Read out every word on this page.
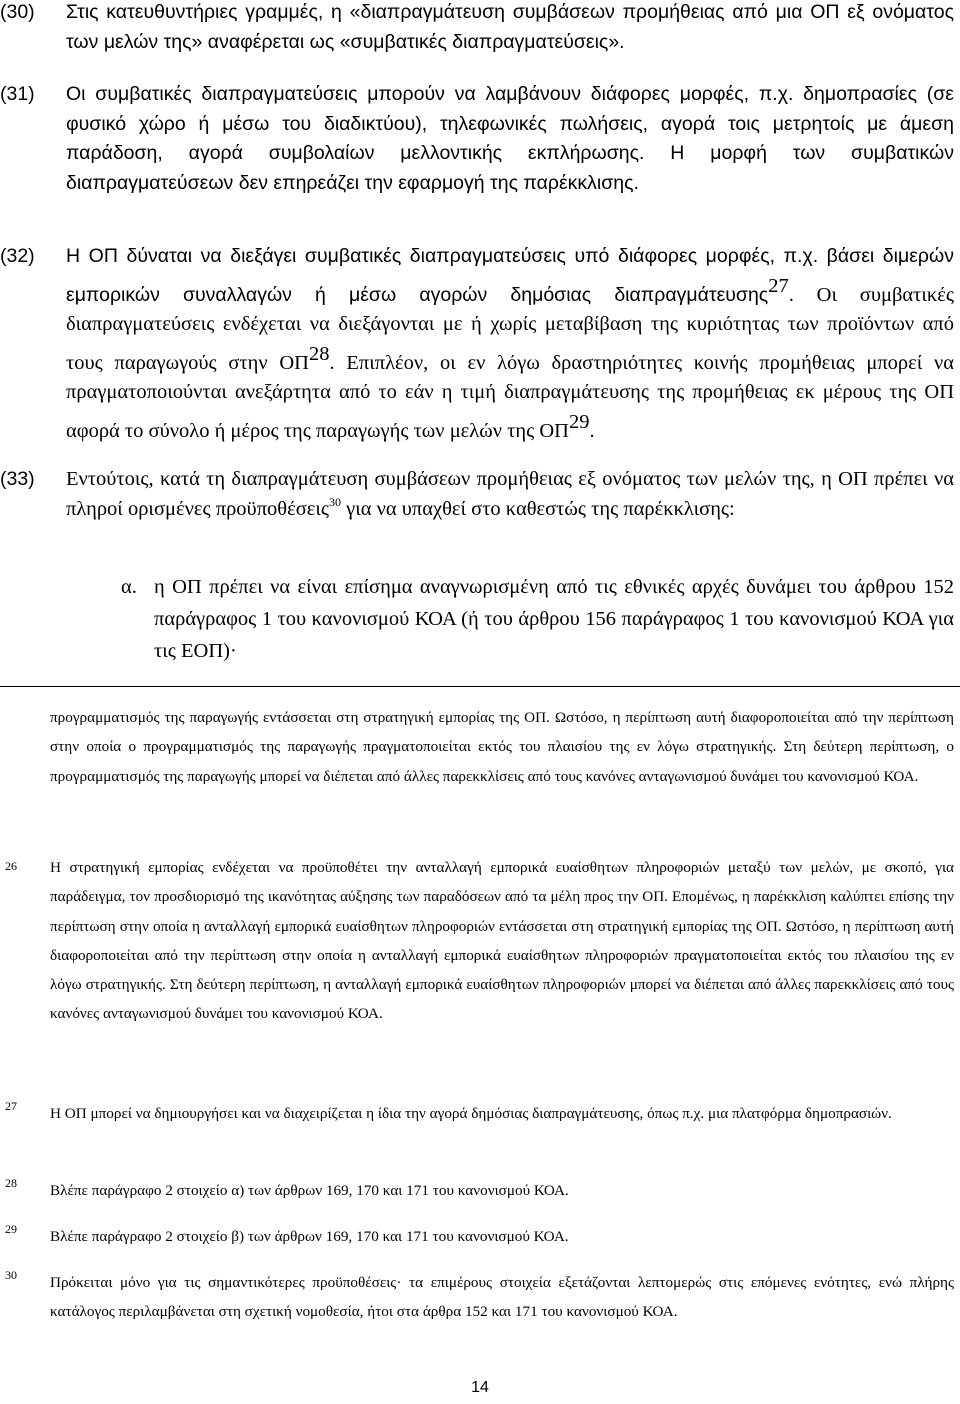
(30) Στις κατευθυντήριες γραμμές, η «διαπραγμάτευση συμβάσεων προμήθειας από μια ΟΠ εξ ονόματος των μελών της» αναφέρεται ως «συμβατικές διαπραγματεύσεις».
(31) Οι συμβατικές διαπραγματεύσεις μπορούν να λαμβάνουν διάφορες μορφές, π.χ. δημοπρασίες (σε φυσικό χώρο ή μέσω του διαδικτύου), τηλεφωνικές πωλήσεις, αγορά τοις μετρητοίς με άμεση παράδοση, αγορά συμβολαίων μελλοντικής εκπλήρωσης. Η μορφή των συμβατικών διαπραγματεύσεων δεν επηρεάζει την εφαρμογή της παρέκκλισης.
(32) Η ΟΠ δύναται να διεξάγει συμβατικές διαπραγματεύσεις υπό διάφορες μορφές, π.χ. βάσει διμερών εμπορικών συναλλαγών ή μέσω αγορών δημόσιας διαπραγμάτευσης$^{27}$. Οι συμβατικές διαπραγματεύσεις ενδέχεται να διεξάγονται με ή χωρίς μεταβίβαση της κυριότητας των προϊόντων από τους παραγωγούς στην ΟΠ$^{28}$. Επιπλέον, οι εν λόγω δραστηριότητες κοινής προμήθειας μπορεί να πραγματοποιούνται ανεξάρτητα από το εάν η τιμή διαπραγμάτευσης της προμήθειας εκ μέρους της ΟΠ αφορά το σύνολο ή μέρος της παραγωγής των μελών της ΟΠ$^{29}$.
(33) Εντούτοις, κατά τη διαπραγμάτευση συμβάσεων προμήθειας εξ ονόματος των μελών της, η ΟΠ πρέπει να πληροί ορισμένες προϋποθέσεις$^{30}$ για να υπαχθεί στο καθεστώς της παρέκκλισης:
α. η ΟΠ πρέπει να είναι επίσημα αναγνωρισμένη από τις εθνικές αρχές δυνάμει του άρθρου 152 παράγραφος 1 του κανονισμού ΚΟΑ (ή του άρθρου 156 παράγραφος 1 του κανονισμού ΚΟΑ για τις ΕΟΠ)·
προγραμματισμός της παραγωγής εντάσσεται στη στρατηγική εμπορίας της ΟΠ. Ωστόσο, η περίπτωση αυτή διαφοροποιείται από την περίπτωση στην οποία ο προγραμματισμός της παραγωγής πραγματοποιείται εκτός του πλαισίου της εν λόγω στρατηγικής. Στη δεύτερη περίπτωση, ο προγραμματισμός της παραγωγής μπορεί να διέπεται από άλλες παρεκκλίσεις από τους κανόνες ανταγωνισμού δυνάμει του κανονισμού ΚΟΑ.
26 Η στρατηγική εμπορίας ενδέχεται να προϋποθέτει την ανταλλαγή εμπορικά ευαίσθητων πληροφοριών μεταξύ των μελών, με σκοπό, για παράδειγμα, τον προσδιορισμό της ικανότητας αύξησης των παραδόσεων από τα μέλη προς την ΟΠ. Επομένως, η παρέκκλιση καλύπτει επίσης την περίπτωση στην οποία η ανταλλαγή εμπορικά ευαίσθητων πληροφοριών εντάσσεται στη στρατηγική εμπορίας της ΟΠ. Ωστόσο, η περίπτωση αυτή διαφοροποιείται από την περίπτωση στην οποία η ανταλλαγή εμπορικά ευαίσθητων πληροφοριών πραγματοποιείται εκτός του πλαισίου της εν λόγω στρατηγικής. Στη δεύτερη περίπτωση, η ανταλλαγή εμπορικά ευαίσθητων πληροφοριών μπορεί να διέπεται από άλλες παρεκκλίσεις από τους κανόνες ανταγωνισμού δυνάμει του κανονισμού ΚΟΑ.
27 Η ΟΠ μπορεί να δημιουργήσει και να διαχειρίζεται η ίδια την αγορά δημόσιας διαπραγμάτευσης, όπως π.χ. μια πλατφόρμα δημοπρασιών.
28 Βλέπε παράγραφο 2 στοιχείο α) των άρθρων 169, 170 και 171 του κανονισμού ΚΟΑ.
29 Βλέπε παράγραφο 2 στοιχείο β) των άρθρων 169, 170 και 171 του κανονισμού ΚΟΑ.
30 Πρόκειται μόνο για τις σημαντικότερες προϋποθέσεις· τα επιμέρους στοιχεία εξετάζονται λεπτομερώς στις επόμενες ενότητες, ενώ πλήρης κατάλογος περιλαμβάνεται στη σχετική νομοθεσία, ήτοι στα άρθρα 152 και 171 του κανονισμού ΚΟΑ.
14
